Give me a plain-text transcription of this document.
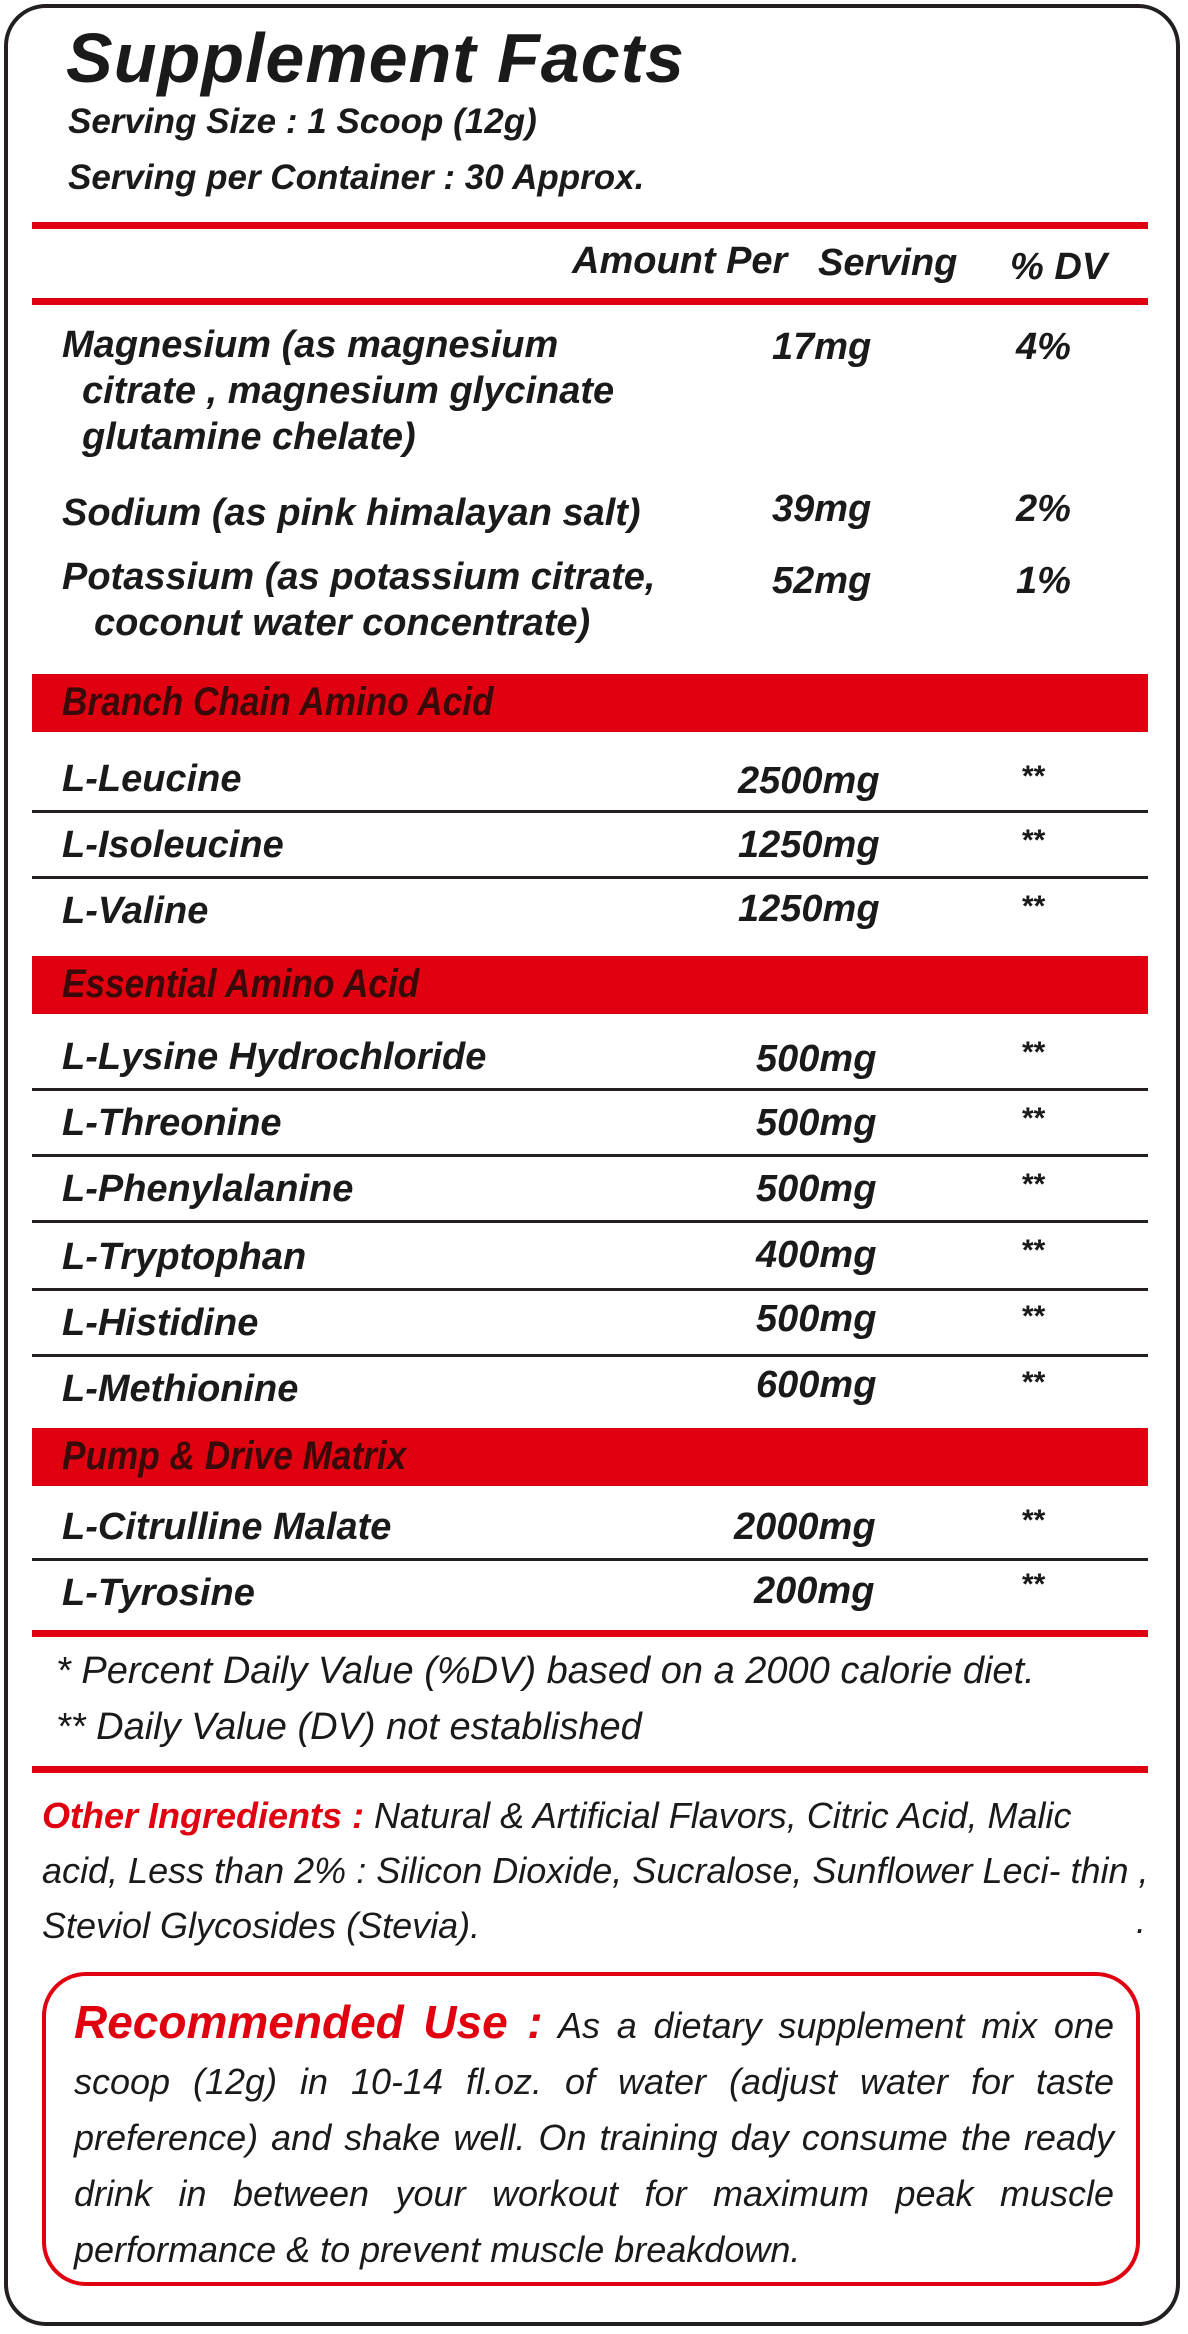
Supplement Facts
Serving Size : 1 Scoop (12g)
Serving per Container : 30 Approx.
Amount Per Serving % DV
Magnesium (as magnesium
citrate , magnesium glycinate
glutamine chelate)
17mg	4%
Sodium (as pink himalayan salt)	39mg	2%
Potassium (as potassium citrate,
coconut water concentrate)
52mg	1%
Branch Chain Amino Acid
L-Leucine	2500mg	**
L-Isoleucine	1250mg	**
L-Valine	1250mg	**
Essential Amino Acid
L-Lysine Hydrochloride	500mg	**
L-Threonine	500mg	**
L-Phenylalanine	500mg	**
L-Tryptophan	400mg	**
L-Histidine	500mg	**
L-Methionine	600mg	**
Pump & Drive Matrix
L-Citrulline Malate	2000mg	**
L-Tyrosine	200mg	**
* Percent Daily Value (%DV) based on a 2000 calorie diet.
** Daily Value (DV) not established
Other Ingredients : Natural & Artificial Flavors, Citric Acid, Malic acid, Less than 2% : Silicon Dioxide, Sucralose, Sunflower Leci- thin , Steviol Glycosides (Stevia).	.
Recommended Use : As a dietary supplement mix one scoop (12g) in 10-14 fl.oz. of water (adjust water for taste preference) and shake well. On training day consume the ready drink in between your workout for maximum peak muscle performance & to prevent muscle breakdown.
